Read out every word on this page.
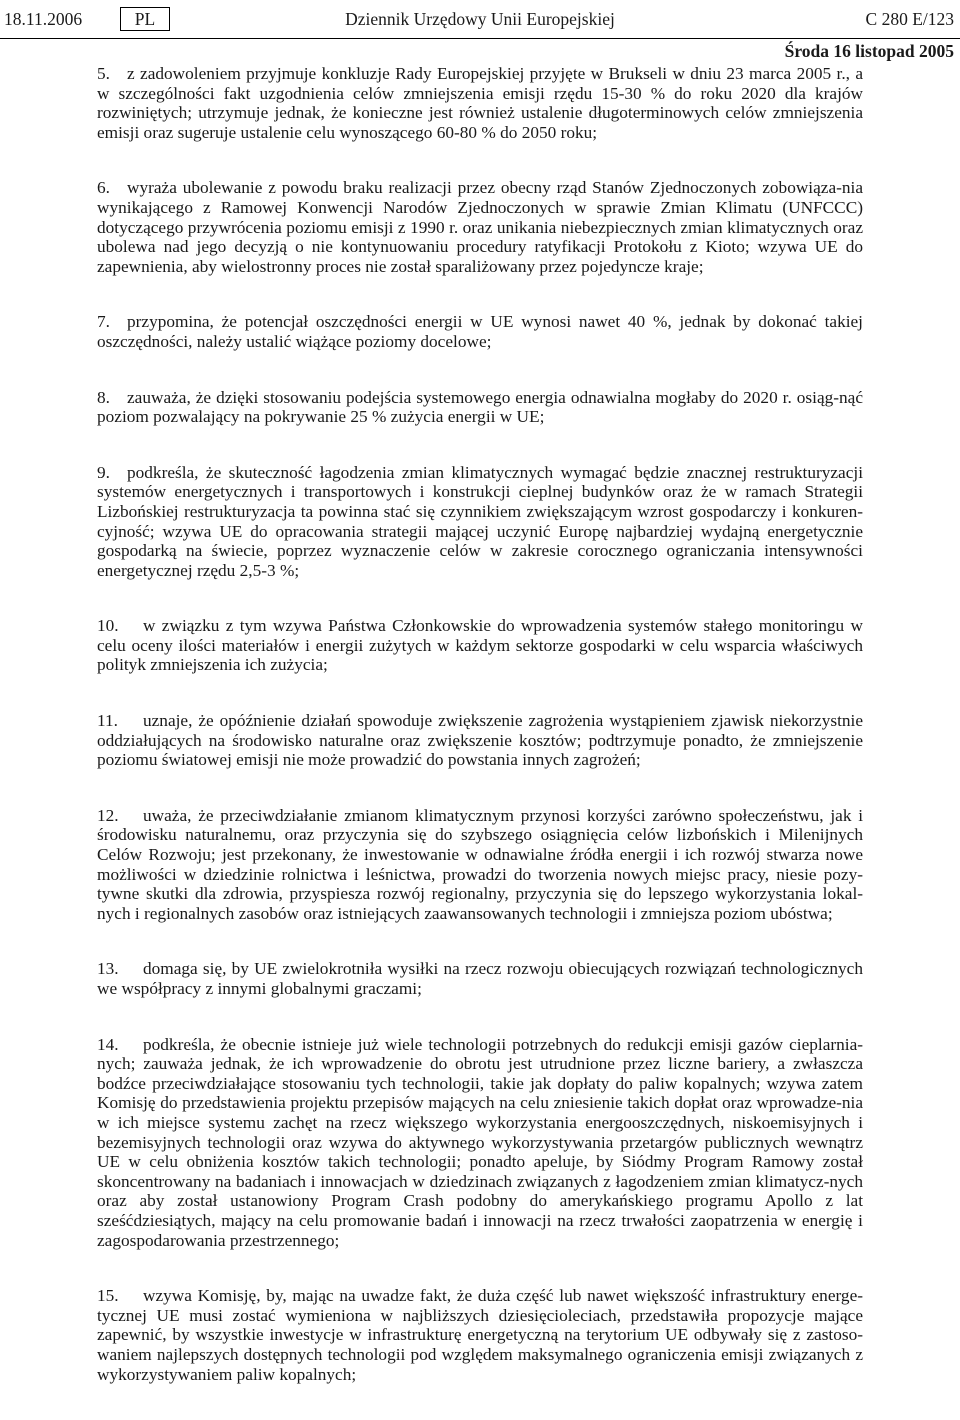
18.11.2006	PL	Dziennik Urzędowy Unii Europejskiej	C 280 E/123
Środa 16 listopad 2005

5. z zadowoleniem przyjmuje konkluzje Rady Europejskiej przyjęte w Brukseli w dniu 23 marca 2005 r., a w szczególności fakt uzgodnienia celów zmniejszenia emisji rzędu 15-30 % do roku 2020 dla krajów rozwiniętych; utrzymuje jednak, że konieczne jest również ustalenie długoterminowych celów zmniejszenia emisji oraz sugeruje ustalenie celu wynoszącego 60-80 % do 2050 roku;

6. wyraża ubolewanie z powodu braku realizacji przez obecny rząd Stanów Zjednoczonych zobowiąza-nia wynikającego z Ramowej Konwencji Narodów Zjednoczonych w sprawie Zmian Klimatu (UNFCCC) dotyczącego przywrócenia poziomu emisji z 1990 r. oraz unikania niebezpiecznych zmian klimatycznych oraz ubolewa nad jego decyzją o nie kontynuowaniu procedury ratyfikacji Protokołu z Kioto; wzywa UE do zapewnienia, aby wielostronny proces nie został sparaliżowany przez pojedyncze kraje;

7. przypomina, że potencjał oszczędności energii w UE wynosi nawet 40 %, jednak by dokonać takiej oszczędności, należy ustalić wiążące poziomy docelowe;

8. zauważa, że dzięki stosowaniu podejścia systemowego energia odnawialna mogłaby do 2020 r. osiąg-nąć poziom pozwalający na pokrywanie 25 % zużycia energii w UE;

9. podkreśla, że skuteczność łagodzenia zmian klimatycznych wymagać będzie znacznej restrukturyzacji systemów energetycznych i transportowych i konstrukcji cieplnej budynków oraz że w ramach Strategii Lizbońskiej restrukturyzacja ta powinna stać się czynnikiem zwiększającym wzrost gospodarczy i konkuren-cyjność; wzywa UE do opracowania strategii mającej uczynić Europę najbardziej wydajną energetycznie gospodarką na świecie, poprzez wyznaczenie celów w zakresie corocznego ograniczania intensywności energetycznej rzędu 2,5-3 %;

10. w związku z tym wzywa Państwa Członkowskie do wprowadzenia systemów stałego monitoringu w celu oceny ilości materiałów i energii zużytych w każdym sektorze gospodarki w celu wsparcia właściwych polityk zmniejszenia ich zużycia;

11. uznaje, że opóźnienie działań spowoduje zwiększenie zagrożenia wystąpieniem zjawisk niekorzystnie oddziałujących na środowisko naturalne oraz zwiększenie kosztów; podtrzymuje ponadto, że zmniejszenie poziomu światowej emisji nie może prowadzić do powstania innych zagrożeń;

12. uważa, że przeciwdziałanie zmianom klimatycznym przynosi korzyści zarówno społeczeństwu, jak i środowisku naturalnemu, oraz przyczynia się do szybszego osiągnięcia celów lizbońskich i Milenijnych Celów Rozwoju; jest przekonany, że inwestowanie w odnawialne źródła energii i ich rozwój stwarza nowe możliwości w dziedzinie rolnictwa i leśnictwa, prowadzi do tworzenia nowych miejsc pracy, niesie pozy-tywne skutki dla zdrowia, przyspiesza rozwój regionalny, przyczynia się do lepszego wykorzystania lokal-nych i regionalnych zasobów oraz istniejących zaawansowanych technologii i zmniejsza poziom ubóstwa;

13. domaga się, by UE zwielokrotniła wysiłki na rzecz rozwoju obiecujących rozwiązań technologicznych we współpracy z innymi globalnymi graczami;

14. podkreśla, że obecnie istnieje już wiele technologii potrzebnych do redukcji emisji gazów cieplarnia-nych; zauważa jednak, że ich wprowadzenie do obrotu jest utrudnione przez liczne bariery, a zwłaszcza bodźce przeciwdziałające stosowaniu tych technologii, takie jak dopłaty do paliw kopalnych; wzywa zatem Komisję do przedstawienia projektu przepisów mających na celu zniesienie takich dopłat oraz wprowadze-nia w ich miejsce systemu zachęt na rzecz większego wykorzystania energooszczędnych, niskoemisyjnych i bezemisyjnych technologii oraz wzywa do aktywnego wykorzystywania przetargów publicznych wewnątrz UE w celu obniżenia kosztów takich technologii; ponadto apeluje, by Siódmy Program Ramowy został skoncentrowany na badaniach i innowacjach w dziedzinach związanych z łagodzeniem zmian klimatycz-nych oraz aby został ustanowiony Program Crash podobny do amerykańskiego programu Apollo z lat sześćdziesiątych, mający na celu promowanie badań i innowacji na rzecz trwałości zaopatrzenia w energię i zagospodarowania przestrzennego;

15. wzywa Komisję, by, mając na uwadze fakt, że duża część lub nawet większość infrastruktury energe-tycznej UE musi zostać wymieniona w najbliższych dziesięcioleciach, przedstawiła propozycje mające zapewnić, by wszystkie inwestycje w infrastrukturę energetyczną na terytorium UE odbywały się z zastoso-waniem najlepszych dostępnych technologii pod względem maksymalnego ograniczenia emisji związanych z wykorzystywaniem paliw kopalnych;
